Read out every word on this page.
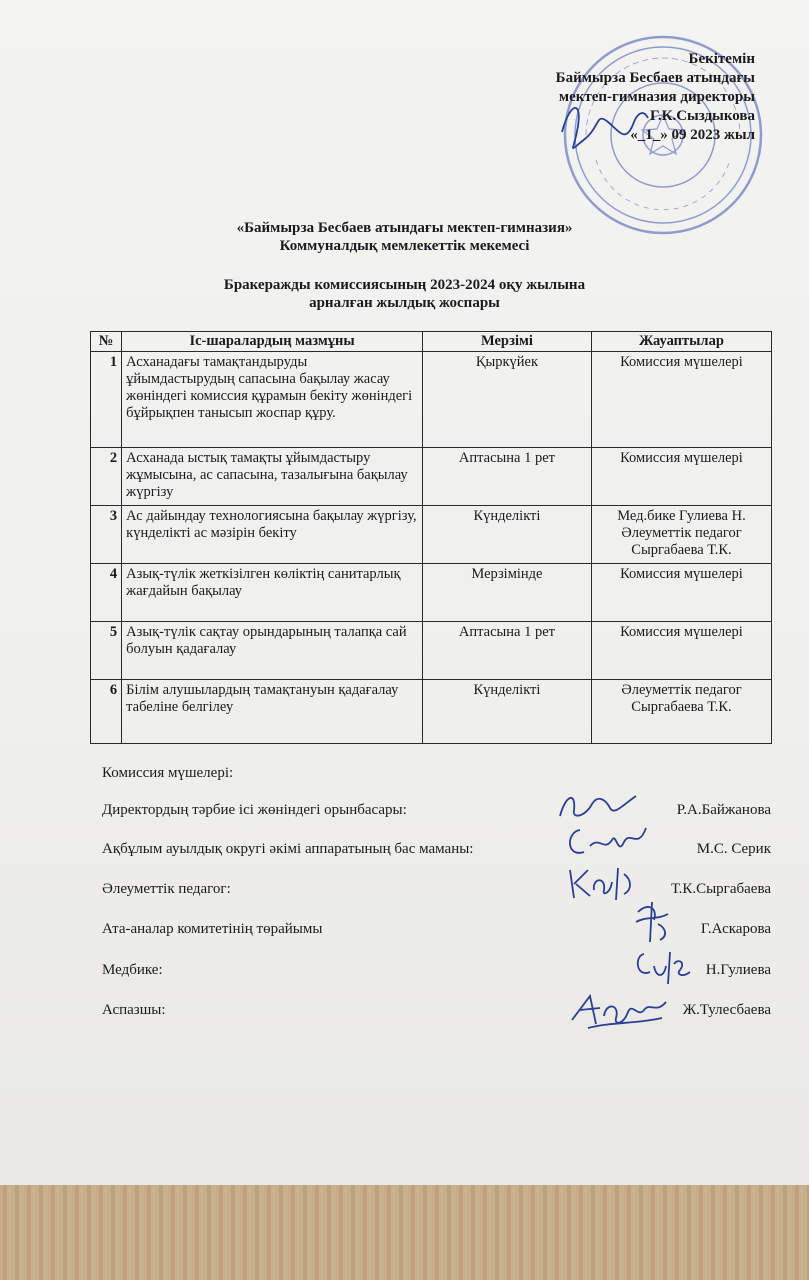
Бекітемін
Баймырза Бесбаев атындағы
мектеп-гимназия директоры
Г.К.Сыздыкова
«_1_» 09 2023 жыл
«Баймырза Бесбаев атындағы мектеп-гимназия»
Коммуналдық мемлекеттік мекемесі
Бракеражды комиссиясының 2023-2024 оқу жылына
арналған жылдық жоспары
№	Іс-шаралардың мазмұны	Мерзімі	Жауаптылар
1	Асханадағы тамақтандыруды ұйымдастырудың сапасына бақылау жасау жөніндегі комиссия құрамын бекіту жөніндегі бұйрықпен танысып жоспар құру.	Қыркүйек	Комиссия мүшелері
2	Асханада ыстық тамақты ұйымдастыру жұмысына, ас сапасына, тазалығына бақылау жүргізу	Аптасына 1 рет	Комиссия мүшелері
3	Ас дайындау технологиясына бақылау жүргізу, күнделікті ас мәзірін бекіту	Күнделікті	Мед.бике Гулиева Н. Әлеуметтік педагог Сыргабаева Т.К.
4	Азық-түлік жеткізілген көліктің санитарлық жағдайын бақылау	Мерзімінде	Комиссия мүшелері
5	Азық-түлік сақтау орындарының талапқа сай болуын қадағалау	Аптасына 1 рет	Комиссия мүшелері
6	Білім алушылардың тамақтануын қадағалау табеліне белгілеу	Күнделікті	Әлеуметтік педагог Сыргабаева Т.К.
Комиссия мүшелері:
Директордың тәрбие ісі жөніндегі орынбасары:	Р.А.Байжанова
Ақбұлым ауылдық округі әкімі аппаратының бас маманы:	М.С. Серик
Әлеуметтік педагог:	Т.К.Сыргабаева
Ата-аналар комитетінің төрайымы	Г.Аскарова
Медбике:	Н.Гулиева
Аспазшы:	Ж.Тулесбаева
